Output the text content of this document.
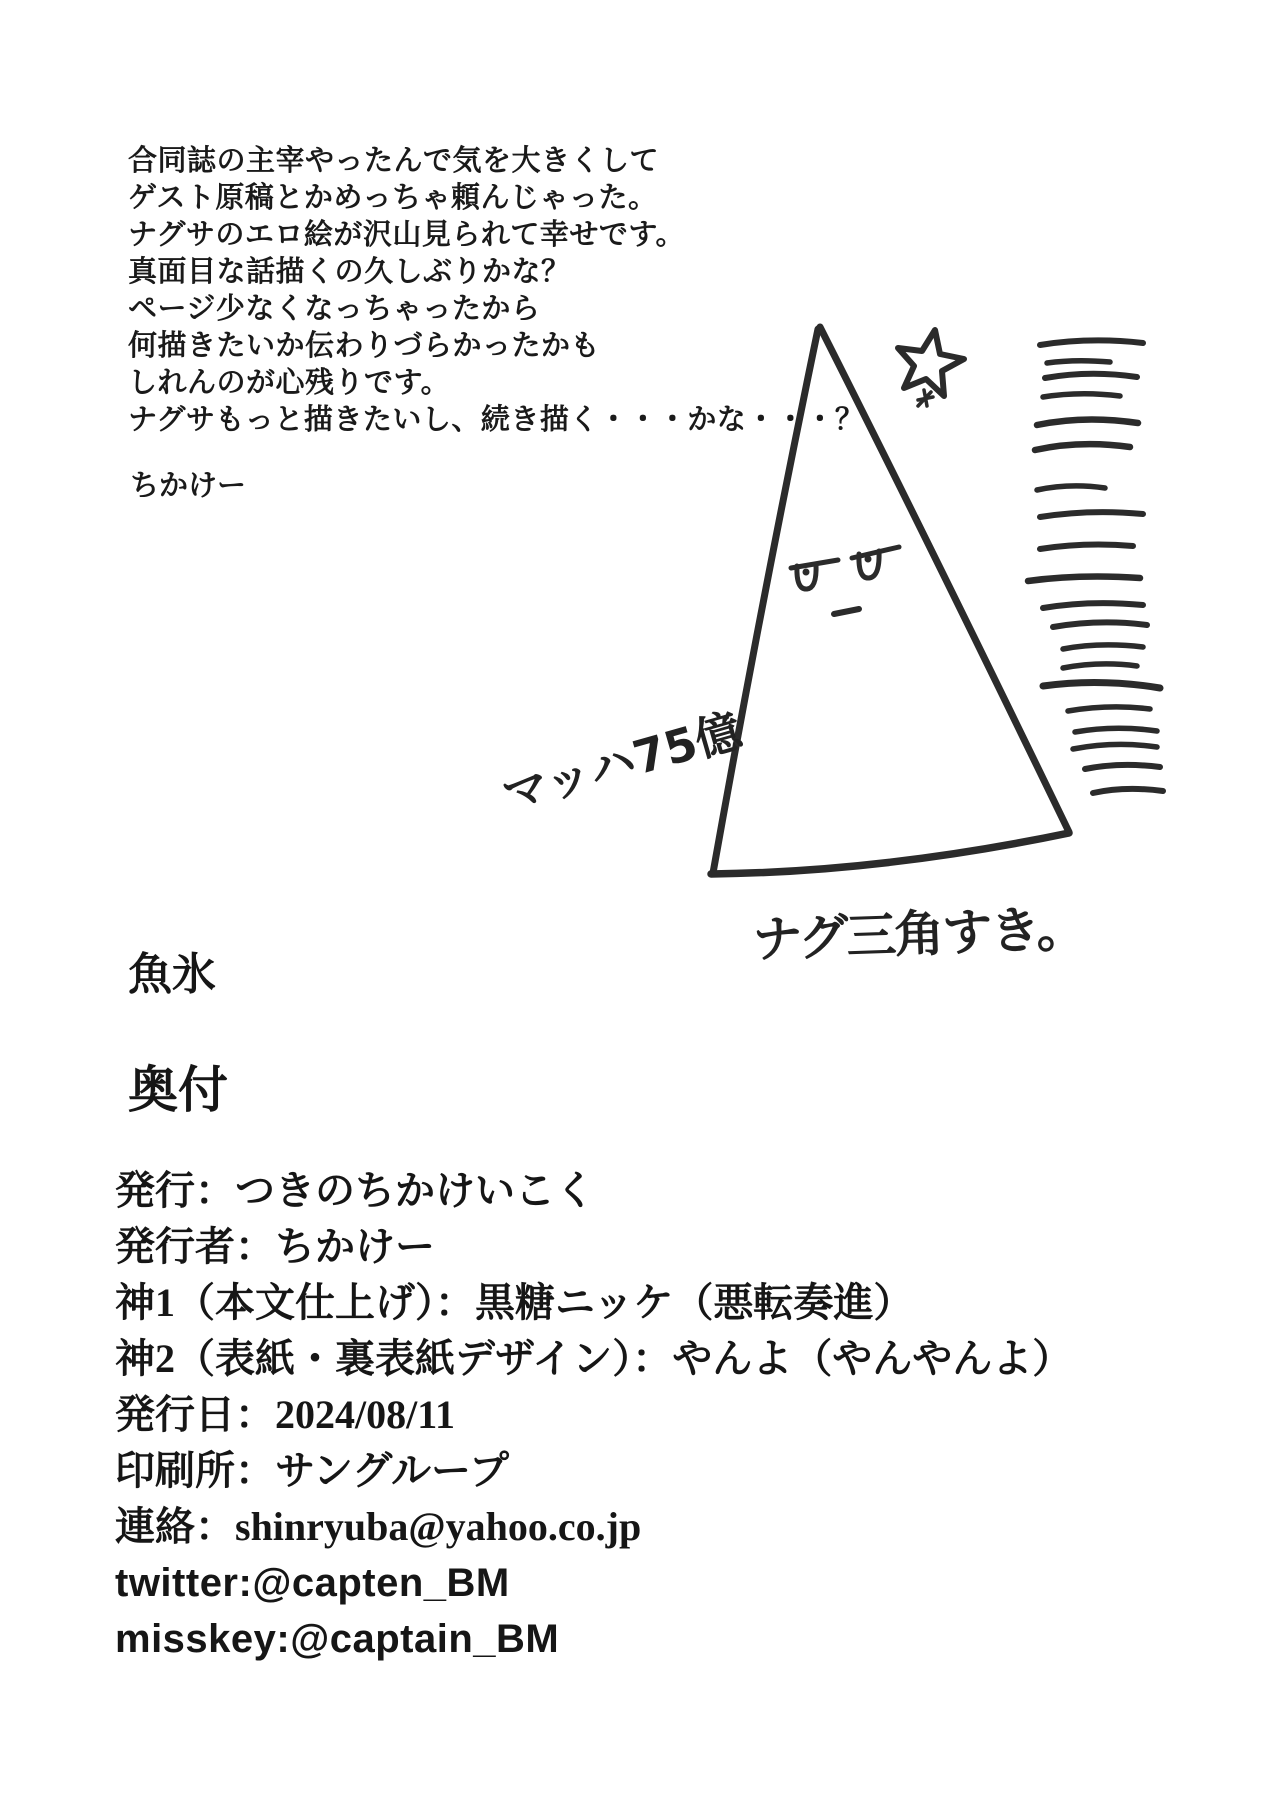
合同誌の主宰やったんで気を大きくして
ゲスト原稿とかめっちゃ頼んじゃった。
ナグサのエロ絵が沢山見られて幸せです。
真面目な話描くの久しぶりかな？
ページ少なくなっちゃったから
何描きたいか伝わりづらかったかも
しれんのが心残りです。
ナグサもっと描きたいし、続き描く・・・かな・・・？
ちかけー
マッハ75億
ナグ三角すき。
魚氷
奥付
発行：つきのちかけいこく
発行者：ちかけー
神1（本文仕上げ）：黒糖ニッケ（悪転奏進）
神2（表紙・裏表紙デザイン）：やんよ（やんやんよ）
発行日：2024/08/11
印刷所：サングループ
連絡：shinryuba@yahoo.co.jp
twitter:@capten_BM
misskey:@captain_BM
